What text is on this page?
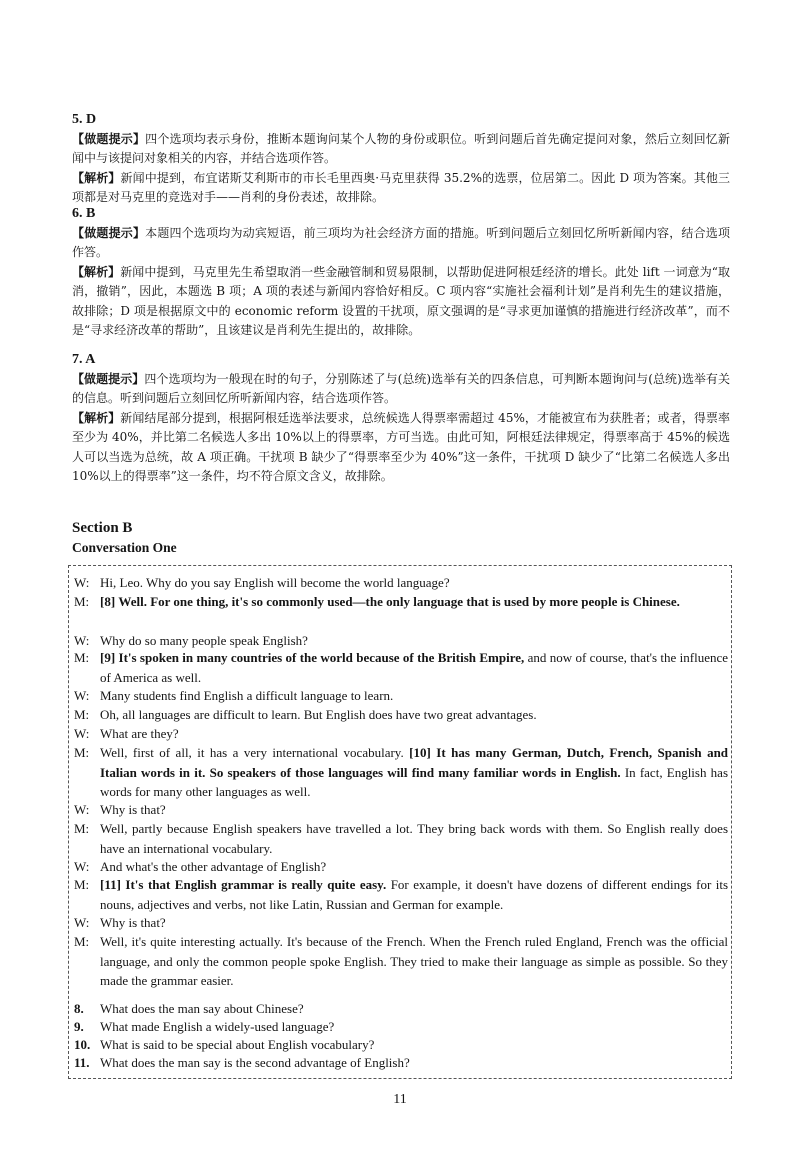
5. D

【做题提示】四个选项均表示身份，推断本题询问某个人物的身份或职位。听到问题后首先确定提问对象，然后立刻回忆新闻中与该提问对象相关的内容，并结合选项作答。

【解析】新闻中提到，布宜诺斯艾利斯市的市长毛里西奥·马克里获得 35.2%的选票，位居第二。因此 D 项为答案。其他三项都是对马克里的竞选对手——肖利的身份表述，故排除。

6. B

【做题提示】本题四个选项均为动宾短语，前三项均为社会经济方面的措施。听到问题后立刻回忆所听新闻内容，结合选项作答。

【解析】新闻中提到，马克里先生希望取消一些金融管制和贸易限制，以帮助促进阿根廷经济的增长。此处 lift 一词意为“取消，撤销”，因此，本题选 B 项；A 项的表述与新闻内容恰好相反。C 项内容“实施社会福利计划”是肖利先生的建议措施，故排除；D 项是根据原文中的 economic reform 设置的干扰项，原文强调的是“寻求更加谨慎的措施进行经济改革”，而不是“寻求经济改革的帮助”，且该建议是肖利先生提出的，故排除。

7. A

【做题提示】四个选项均为一般现在时的句子，分别陈述了与(总统)选举有关的四条信息，可判断本题询问与(总统)选举有关的信息。听到问题后立刻回忆所听新闻内容，结合选项作答。

【解析】新闻结尾部分提到，根据阿根廷选举法要求，总统候选人得票率需超过 45%，才能被宣布为获胜者；或者，得票率至少为 40%，并比第二名候选人多出 10%以上的得票率，方可当选。由此可知，阿根廷法律规定，得票率高于 45%的候选人可以当选为总统，故 A 项正确。干扰项 B 缺少了“得票率至少为 40%”这一条件，干扰项 D 缺少了“比第二名候选人多出 10%以上的得票率”这一条件，均不符合原文含义，故排除。

Section B
Conversation One
W: Hi, Leo. Why do you say English will become the world language?
M: [8] Well. For one thing, it's so commonly used—the only language that is used by more people is Chinese.
W: Why do so many people speak English?
M: [9] It's spoken in many countries of the world because of the British Empire, and now of course, that's the influence of America as well.
W: Many students find English a difficult language to learn.
M: Oh, all languages are difficult to learn. But English does have two great advantages.
W: What are they?
M: Well, first of all, it has a very international vocabulary. [10] It has many German, Dutch, French, Spanish and Italian words in it. So speakers of those languages will find many familiar words in English. In fact, English has words for many other languages as well.
W: Why is that?
M: Well, partly because English speakers have travelled a lot. They bring back words with them. So English really does have an international vocabulary.
W: And what's the other advantage of English?
M: [11] It's that English grammar is really quite easy. For example, it doesn't have dozens of different endings for its nouns, adjectives and verbs, not like Latin, Russian and German for example.
W: Why is that?
M: Well, it's quite interesting actually. It's because of the French. When the French ruled England, French was the official language, and only the common people spoke English. They tried to make their language as simple as possible. So they made the grammar easier.
8. What does the man say about Chinese?
9. What made English a widely-used language?
10. What is said to be special about English vocabulary?
11. What does the man say is the second advantage of English?
11
